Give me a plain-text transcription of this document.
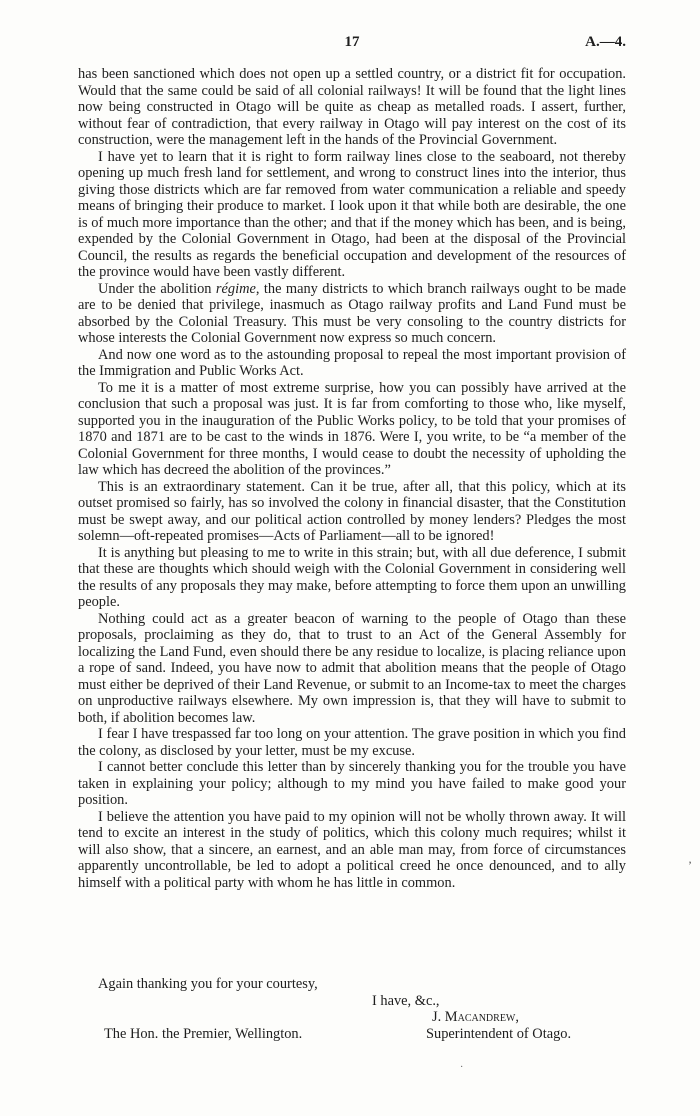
17	A.—4.

has been sanctioned which does not open up a settled country, or a district fit for occupation. Would that the same could be said of all colonial railways! It will be found that the light lines now being constructed in Otago will be quite as cheap as metalled roads. I assert, further, without fear of contradiction, that every railway in Otago will pay interest on the cost of its construction, were the management left in the hands of the Provincial Government.

I have yet to learn that it is right to form railway lines close to the seaboard, not thereby opening up much fresh land for settlement, and wrong to construct lines into the interior, thus giving those districts which are far removed from water communication a reliable and speedy means of bringing their produce to market. I look upon it that while both are desirable, the one is of much more importance than the other; and that if the money which has been, and is being, expended by the Colonial Government in Otago, had been at the disposal of the Provincial Council, the results as regards the beneficial occupation and development of the resources of the province would have been vastly different.

Under the abolition régime, the many districts to which branch railways ought to be made are to be denied that privilege, inasmuch as Otago railway profits and Land Fund must be absorbed by the Colonial Treasury. This must be very consoling to the country districts for whose interests the Colonial Government now express so much concern.

And now one word as to the astounding proposal to repeal the most important provision of the Immigration and Public Works Act.

To me it is a matter of most extreme surprise, how you can possibly have arrived at the conclusion that such a proposal was just. It is far from comforting to those who, like myself, supported you in the inauguration of the Public Works policy, to be told that your promises of 1870 and 1871 are to be cast to the winds in 1876. Were I, you write, to be “a member of the Colonial Government for three months, I would cease to doubt the necessity of upholding the law which has decreed the abolition of the provinces.”

This is an extraordinary statement. Can it be true, after all, that this policy, which at its outset promised so fairly, has so involved the colony in financial disaster, that the Constitution must be swept away, and our political action controlled by money lenders? Pledges the most solemn—oft-repeated promises—Acts of Parliament—all to be ignored!

It is anything but pleasing to me to write in this strain; but, with all due deference, I submit that these are thoughts which should weigh with the Colonial Government in considering well the results of any proposals they may make, before attempting to force them upon an unwilling people.

Nothing could act as a greater beacon of warning to the people of Otago than these proposals, proclaiming as they do, that to trust to an Act of the General Assembly for localizing the Land Fund, even should there be any residue to localize, is placing reliance upon a rope of sand. Indeed, you have now to admit that abolition means that the people of Otago must either be deprived of their Land Revenue, or submit to an Income-tax to meet the charges on unproductive railways elsewhere. My own impression is, that they will have to submit to both, if abolition becomes law.

I fear I have trespassed far too long on your attention. The grave position in which you find the colony, as disclosed by your letter, must be my excuse.

I cannot better conclude this letter than by sincerely thanking you for the trouble you have taken in explaining your policy; although to my mind you have failed to make good your position.

I believe the attention you have paid to my opinion will not be wholly thrown away. It will tend to excite an interest in the study of politics, which this colony much requires; whilst it will also show, that a sincere, an earnest, and an able man may, from force of circumstances apparently uncontrollable, be led to adopt a political creed he once denounced, and to ally himself with a political party with whom he has little in common.

Again thanking you for your courtesy,
I have, &c.,
J. Macandrew,
The Hon. the Premier, Wellington.	Superintendent of Otago.
’
·
